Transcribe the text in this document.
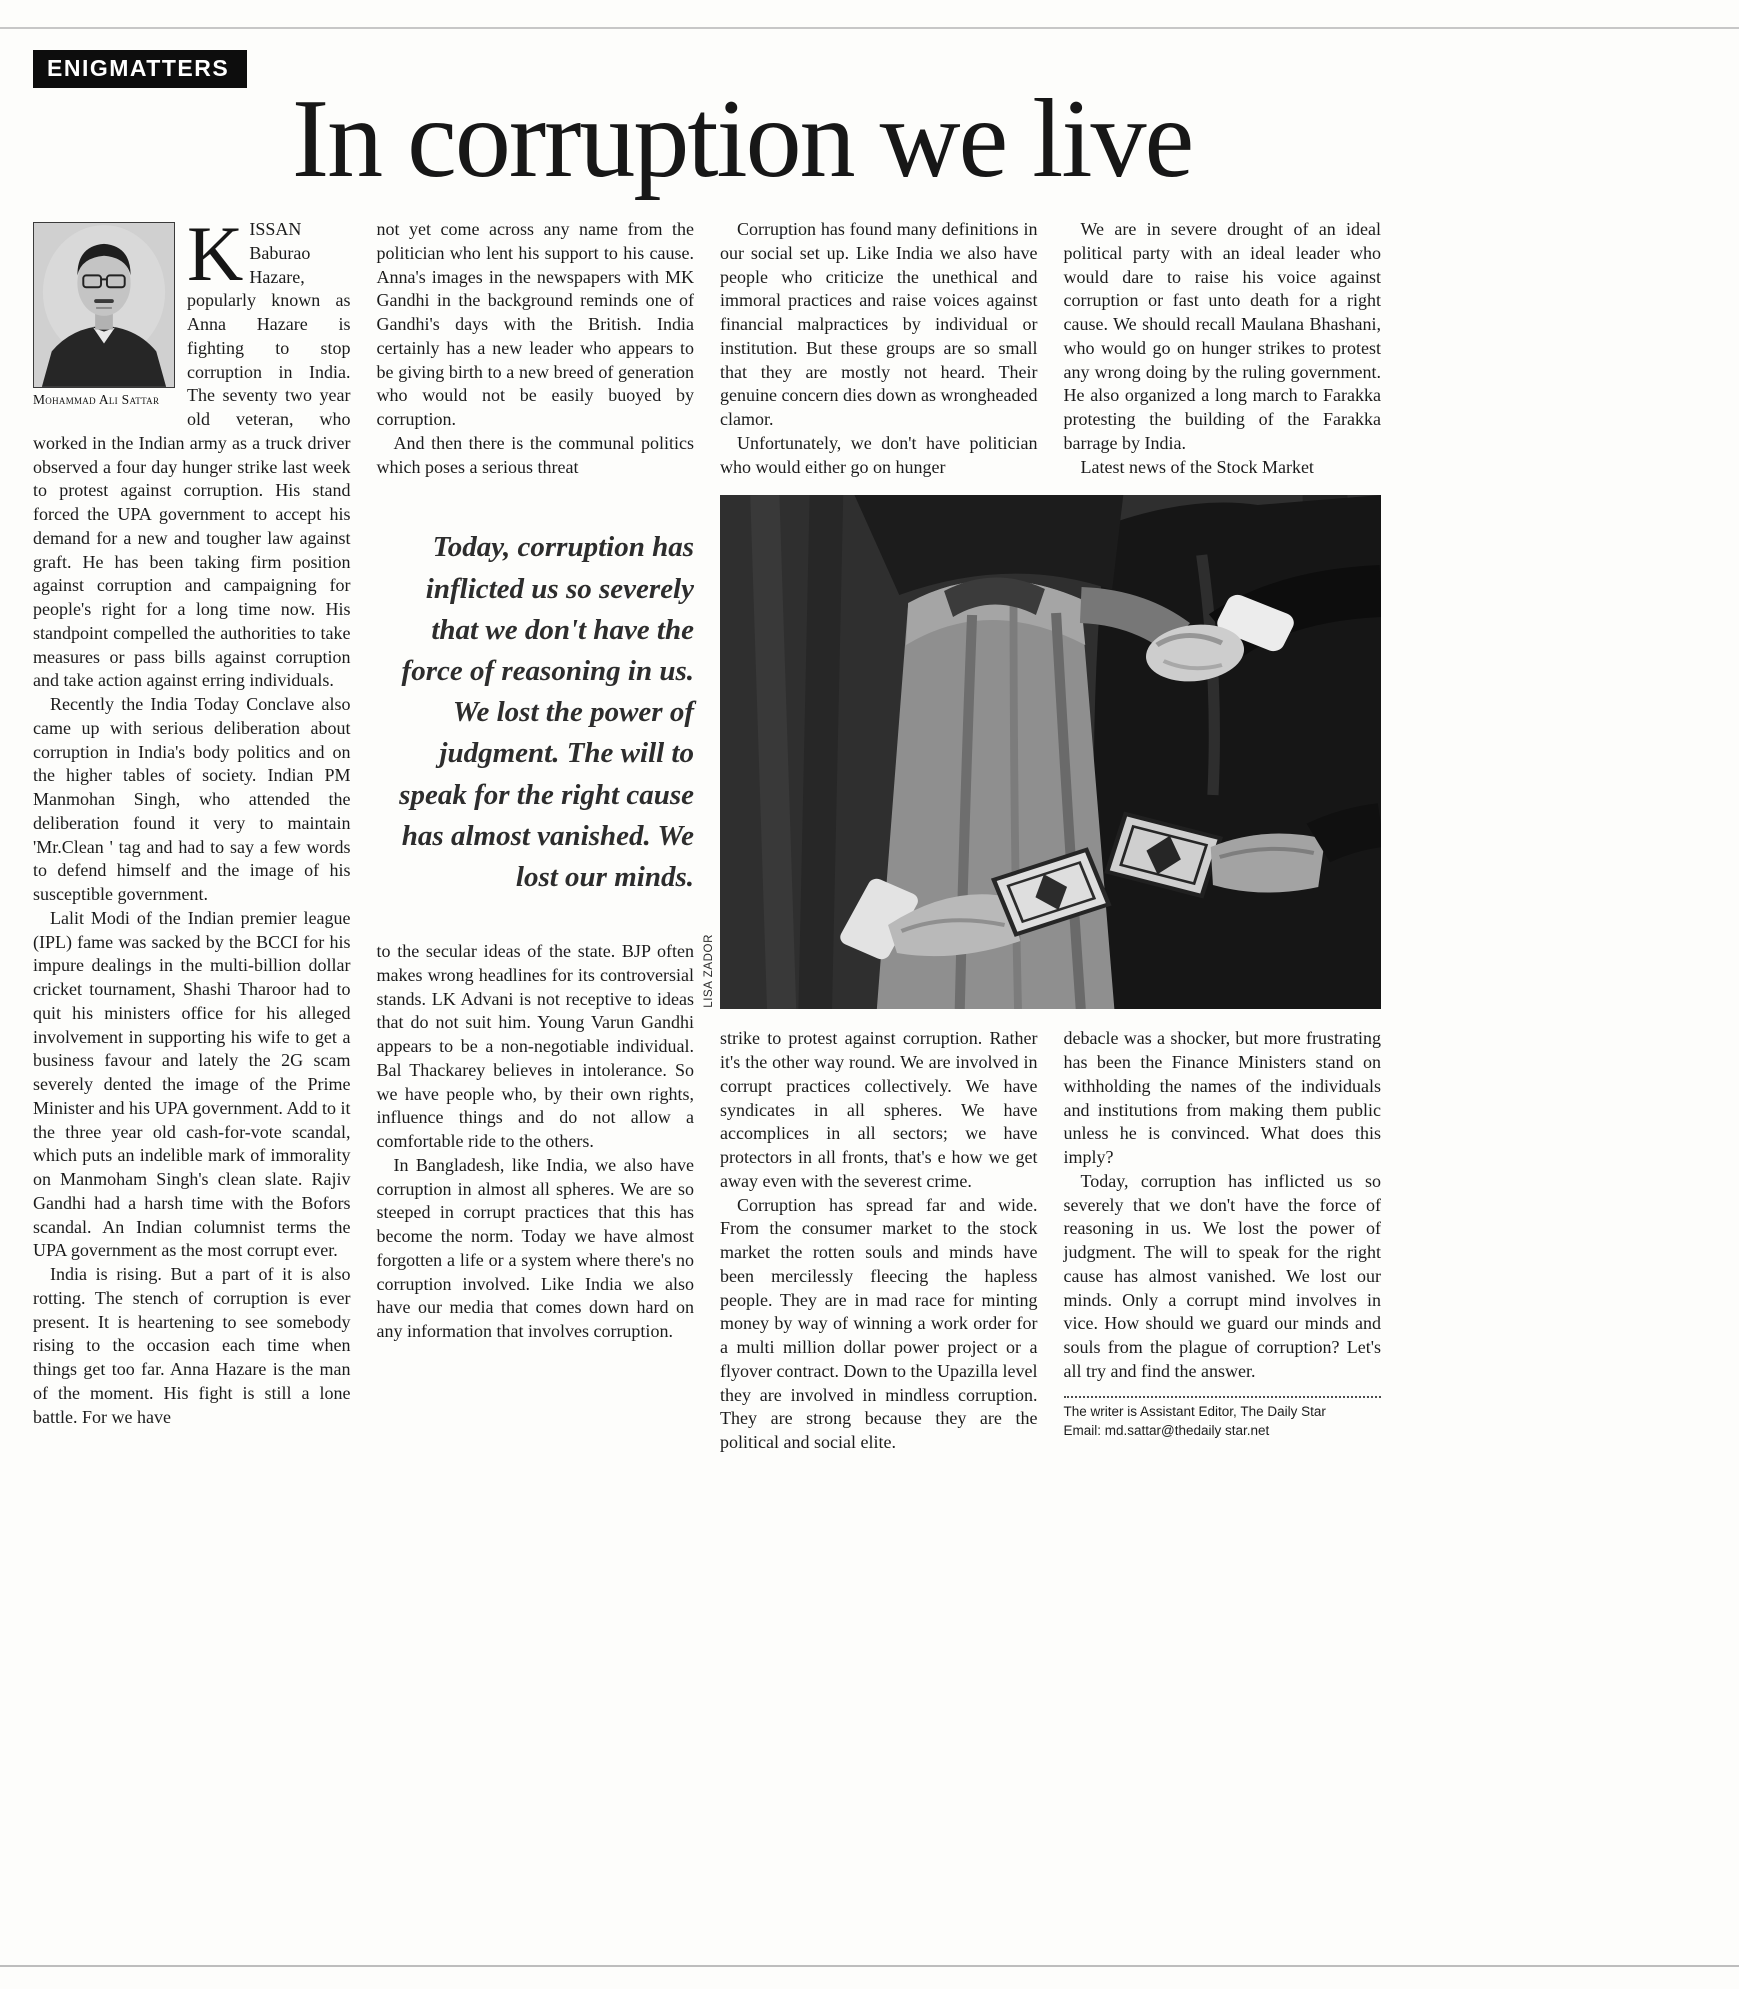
ENIGMATTERS
In corruption we live
Mohammad Ali Sattar

KISSAN Baburao Hazare, popularly known as Anna Hazare is fighting to stop corruption in India. The seventy two year old veteran, who worked in the Indian army as a truck driver observed a four day hunger strike last week to protest against corruption. His stand forced the UPA government to accept his demand for a new and tougher law against graft. He has been taking firm position against corruption and campaigning for people's right for a long time now. His standpoint compelled the authorities to take measures or pass bills against corruption and take action against erring individuals.

Recently the India Today Conclave also came up with serious deliberation about corruption in India's body politics and on the higher tables of society. Indian PM Manmohan Singh, who attended the deliberation found it very to maintain 'Mr.Clean ' tag and had to say a few words to defend himself and the image of his susceptible government.

Lalit Modi of the Indian premier league (IPL) fame was sacked by the BCCI for his impure dealings in the multi-billion dollar cricket tournament, Shashi Tharoor had to quit his ministers office for his alleged involvement in supporting his wife to get a business favour and lately the 2G scam severely dented the image of the Prime Minister and his UPA government. Add to it the three year old cash-for-vote scandal, which puts an indelible mark of immorality on Manmoham Singh's clean slate. Rajiv Gandhi had a harsh time with the Bofors scandal. An Indian columnist terms the UPA government as the most corrupt ever.

India is rising. But a part of it is also rotting. The stench of corruption is ever present. It is heartening to see somebody rising to the occasion each time when things get too far. Anna Hazare is the man of the moment. His fight is still a lone battle. For we have

not yet come across any name from the politician who lent his support to his cause. Anna's images in the newspapers with MK Gandhi in the background reminds one of Gandhi's days with the British. India certainly has a new leader who appears to be giving birth to a new breed of generation who would not be easily buoyed by corruption.

And then there is the communal politics which poses a serious threat

Today, corruption has inflicted us so severely that we don't have the force of reasoning in us. We lost the power of judgment. The will to speak for the right cause has almost vanished. We lost our minds.

to the secular ideas of the state. BJP often makes wrong headlines for its controversial stands. LK Advani is not receptive to ideas that do not suit him. Young Varun Gandhi appears to be a non-negotiable individual. Bal Thackarey believes in intolerance. So we have people who, by their own rights, influence things and do not allow a comfortable ride to the others.

In Bangladesh, like India, we also have corruption in almost all spheres. We are so steeped in corrupt practices that this has become the norm. Today we have almost forgotten a life or a system where there's no corruption involved. Like India we also have our media that comes down hard on any information that involves corruption.

Corruption has found many definitions in our social set up. Like India we also have people who criticize the unethical and immoral practices and raise voices against financial malpractices by individual or institution. But these groups are so small that they are mostly not heard. Their genuine concern dies down as wrongheaded clamor.

Unfortunately, we don't have politician who would either go on hunger

We are in severe drought of an ideal political party with an ideal leader who would dare to raise his voice against corruption or fast unto death for a right cause. We should recall Maulana Bhashani, who would go on hunger strikes to protest any wrong doing by the ruling government. He also organized a long march to Farakka protesting the building of the Farakka barrage by India.

Latest news of the Stock Market

LISA ZADOR

strike to protest against corruption. Rather it's the other way round. We are involved in corrupt practices collectively. We have syndicates in all spheres. We have accomplices in all sectors; we have protectors in all fronts, that's e how we get away even with the severest crime.

Corruption has spread far and wide. From the consumer market to the stock market the rotten souls and minds have been mercilessly fleecing the hapless people. They are in mad race for minting money by way of winning a work order for a multi million dollar power project or a flyover contract. Down to the Upazilla level they are involved in mindless corruption. They are strong because they are the political and social elite.

debacle was a shocker, but more frustrating has been the Finance Ministers stand on withholding the names of the individuals and institutions from making them public unless he is convinced. What does this imply?

Today, corruption has inflicted us so severely that we don't have the force of reasoning in us. We lost the power of judgment. The will to speak for the right cause has almost vanished. We lost our minds. Only a corrupt mind involves in vice. How should we guard our minds and souls from the plague of corruption? Let's all try and find the answer.

The writer is Assistant Editor, The Daily Star
Email: md.sattar@thedaily star.net
